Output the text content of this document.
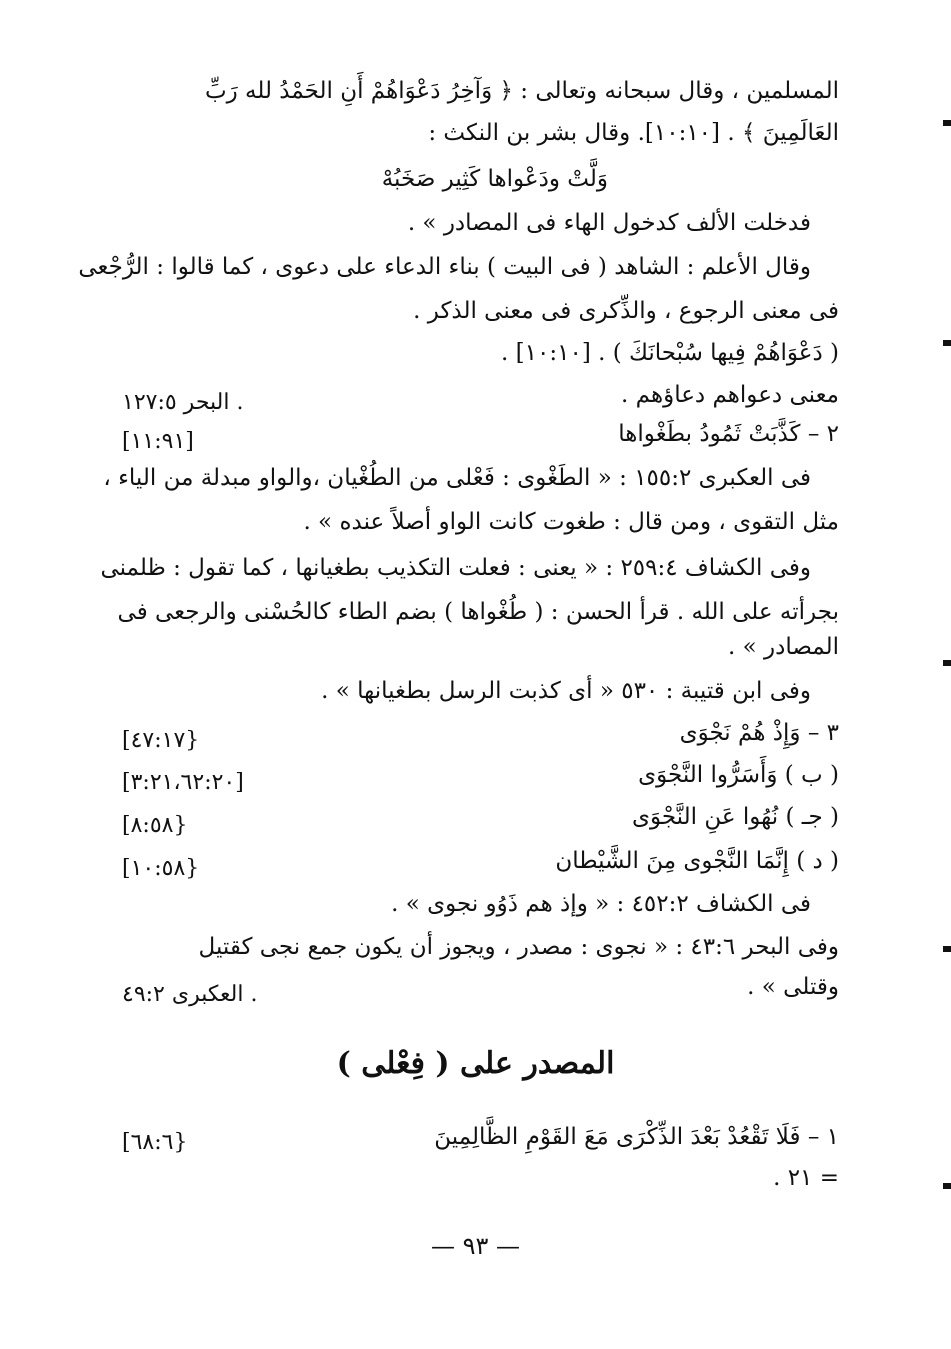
المسلمين ، وقال سبحانه وتعالى : ﴿ وَآخِرُ دَعْوَاهُمْ أَنِ الحَمْدُ لله رَبِّ
العَالَمِينَ ﴾ . [١٠:١٠]. وقال بشر بن النكث :
وَلَّتْ ودَعْواها كَثِير صَخَبُهْ
فدخلت الألف كدخول الهاء فى المصادر » .
وقال الأعلم : الشاهد ( فى البيت ) بناء الدعاء على دعوى ، كما قالوا : الرُّجْعى
فى معنى الرجوع ، والذِّكرى فى معنى الذكر .
( دَعْوَاهُمْ فِيها سُبْحانَكَ ) . [١٠:١٠] .
معنى دعواهم دعاؤهم .
٢ – كَذَّبَتْ ثَمُودُ بطَغْواها
فى العكبرى ١٥٥:٢ : « الطَغْوى : فَعْلى من الطُغْيان ،والواو مبدلة من الياء ،
مثل التقوى ، ومن قال : طغوت كانت الواو أصلاً عنده » .
وفى الكشاف ٢٥٩:٤ : « يعنى : فعلت التكذيب بطغيانها ، كما تقول : ظلمنى
بجرأته على الله . قرأ الحسن : ( طُغْواها ) بضم الطاء كالحُسْنى والرجعى فى
المصادر » .
وفى ابن قتيبة : ٥٣٠ « أى كذبت الرسل بطغيانها » .
٣ – وَإِذْ هُمْ نَجْوَى
( ب ) وَأَسَرُّوا النَّجْوَى
( جـ ) نُهُوا عَنِ النَّجْوَى
( د ) إِنَّمَا النَّجْوى مِنَ الشَّيْطان
فى الكشاف ٤٥٢:٢ : « وإذ هم ذَوُو نجوى » .
وفى البحر ٤٣:٦ : « نجوى : مصدر ، ويجوز أن يكون جمع نجى كقتيل
وقتلى » .
البحر ١٢٧:٥ .
[١١:٩١]
[٤٧:١٧}
[٣:٢١،٦٢:٢٠]
[٨:٥٨}
[١٠:٥٨}
العكبرى ٤٩:٢ .
المصدر على ( فِعْلى )
١ – فَلَا تَقْعُدْ بَعْدَ الذِّكْرَى مَعَ القَوْمِ الظَّالِمِينَ
[٦٨:٦}
= ٢١ .
— ٩٣ —
